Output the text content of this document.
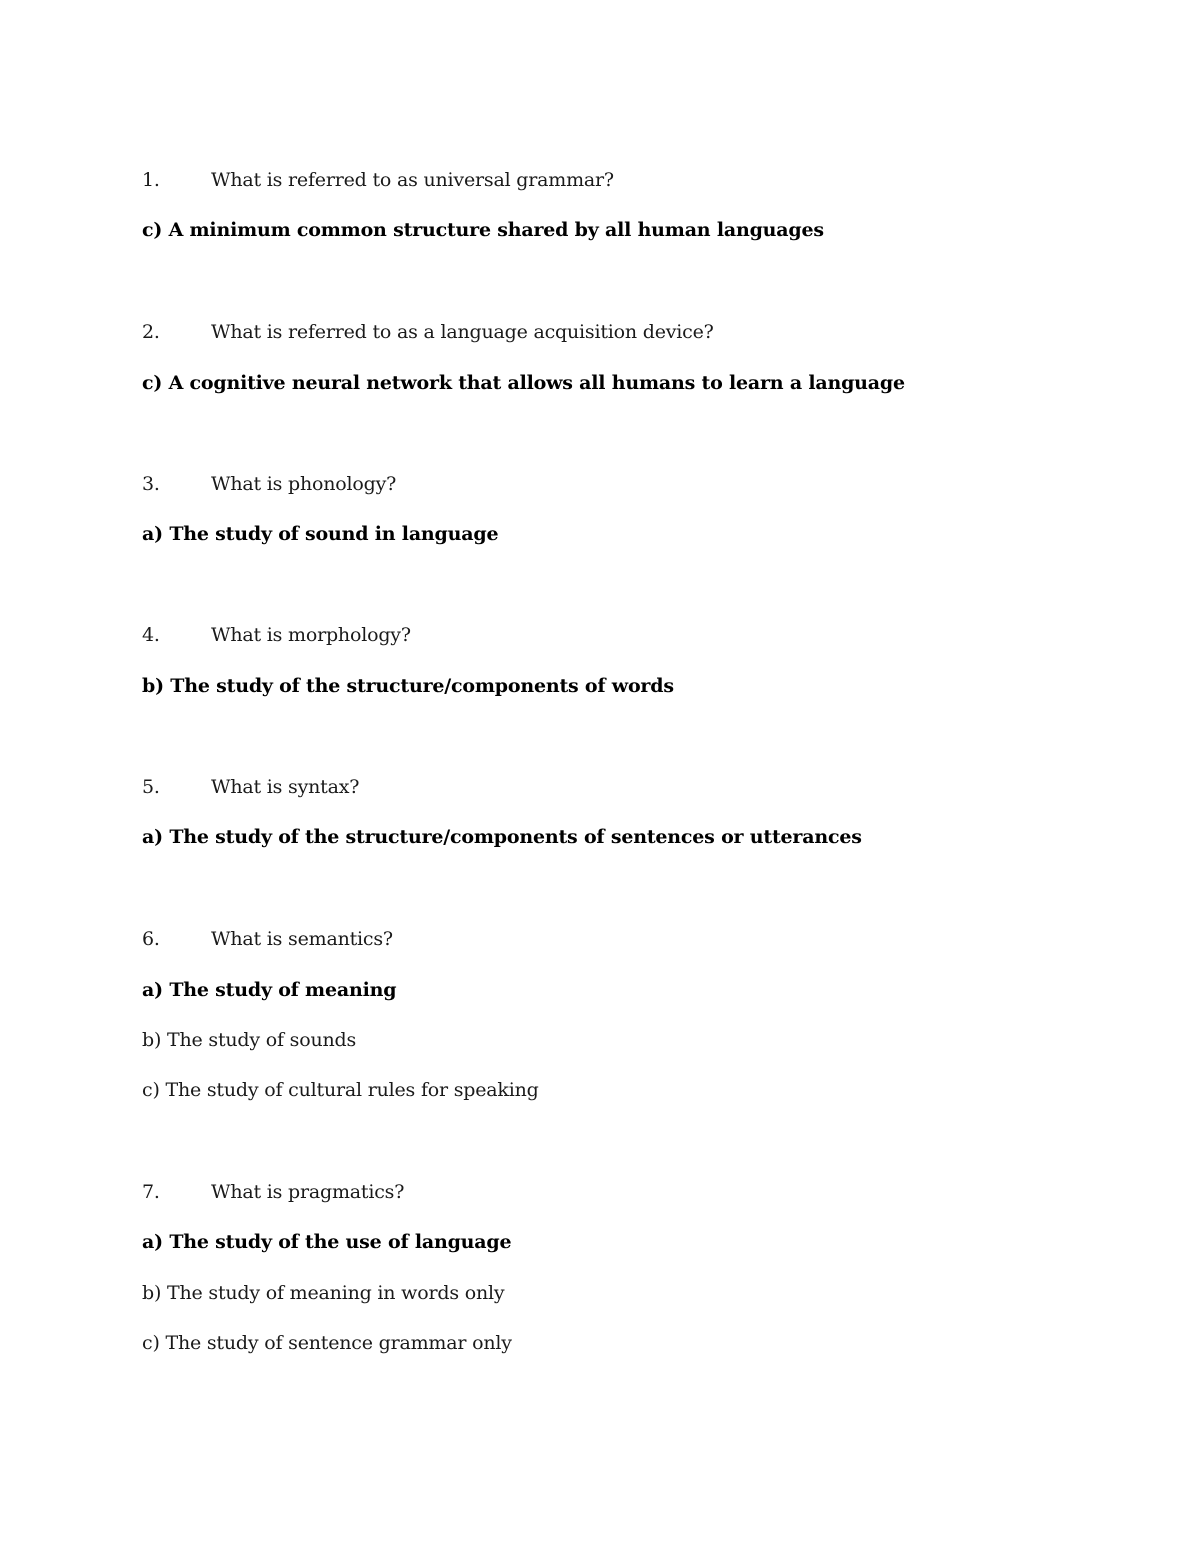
1.	What is referred to as universal grammar?
c) A minimum common structure shared by all human languages
2.	What is referred to as a language acquisition device?
c) A cognitive neural network that allows all humans to learn a language
3.	What is phonology?
a) The study of sound in language
4.	What is morphology?
b) The study of the structure/components of words
5.	What is syntax?
a) The study of the structure/components of sentences or utterances
6.	What is semantics?
a) The study of meaning
b) The study of sounds
c) The study of cultural rules for speaking
7.	What is pragmatics?
a) The study of the use of language
b) The study of meaning in words only
c) The study of sentence grammar only
